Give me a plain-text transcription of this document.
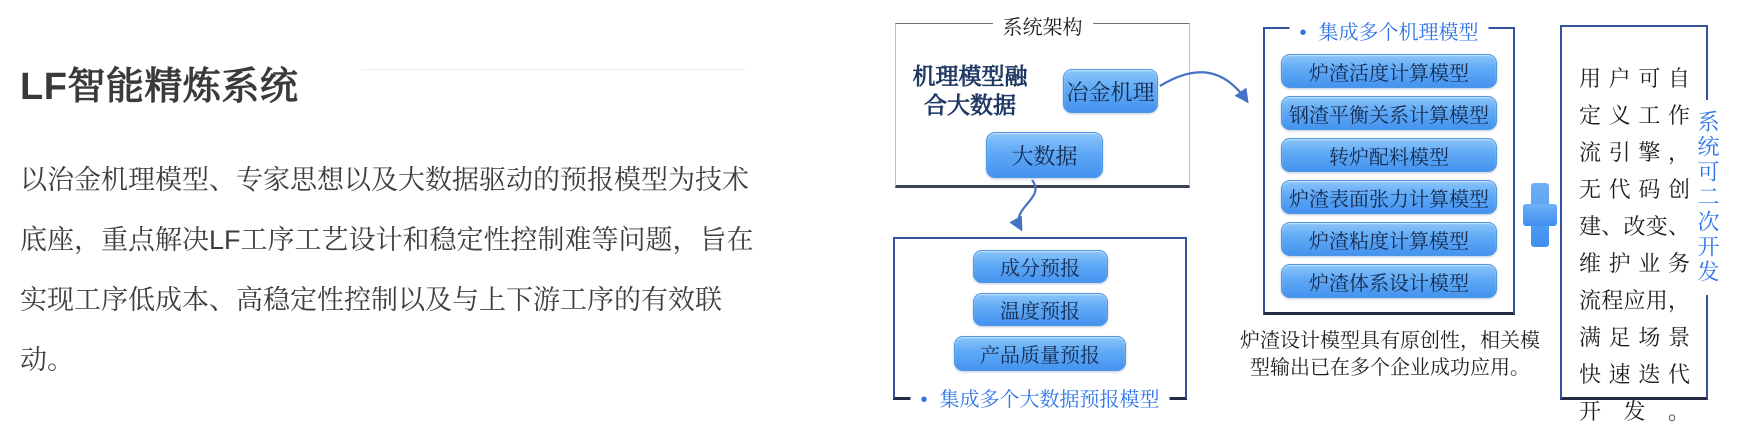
LF智能精炼系统
以治金机理模型、专家思想以及大数据驱动的预报模型为技术
底座，重点解决LF工序工艺设计和稳定性控制难等问题，旨在
实现工序低成本、高稳定性控制以及与上下游工序的有效联动。
系统架构
机理模型融
合大数据	冶金机理
大数据
成分预报
温度预报
产品质量预报
• 集成多个大数据预报模型
• 集成多个机理模型
炉渣活度计算模型
钢渣平衡关系计算模型
转炉配料模型
炉渣表面张力计算模型
炉渣粘度计算模型
炉渣体系设计模型
炉渣设计模型具有原创性，相关模
型输出已在多个企业成功应用。
用户可自
定义工作
流引擎，
无代码创
建、改变、
维护业务
流程应用，
满足场景
快速迭代
开发。
系统可二次开发
